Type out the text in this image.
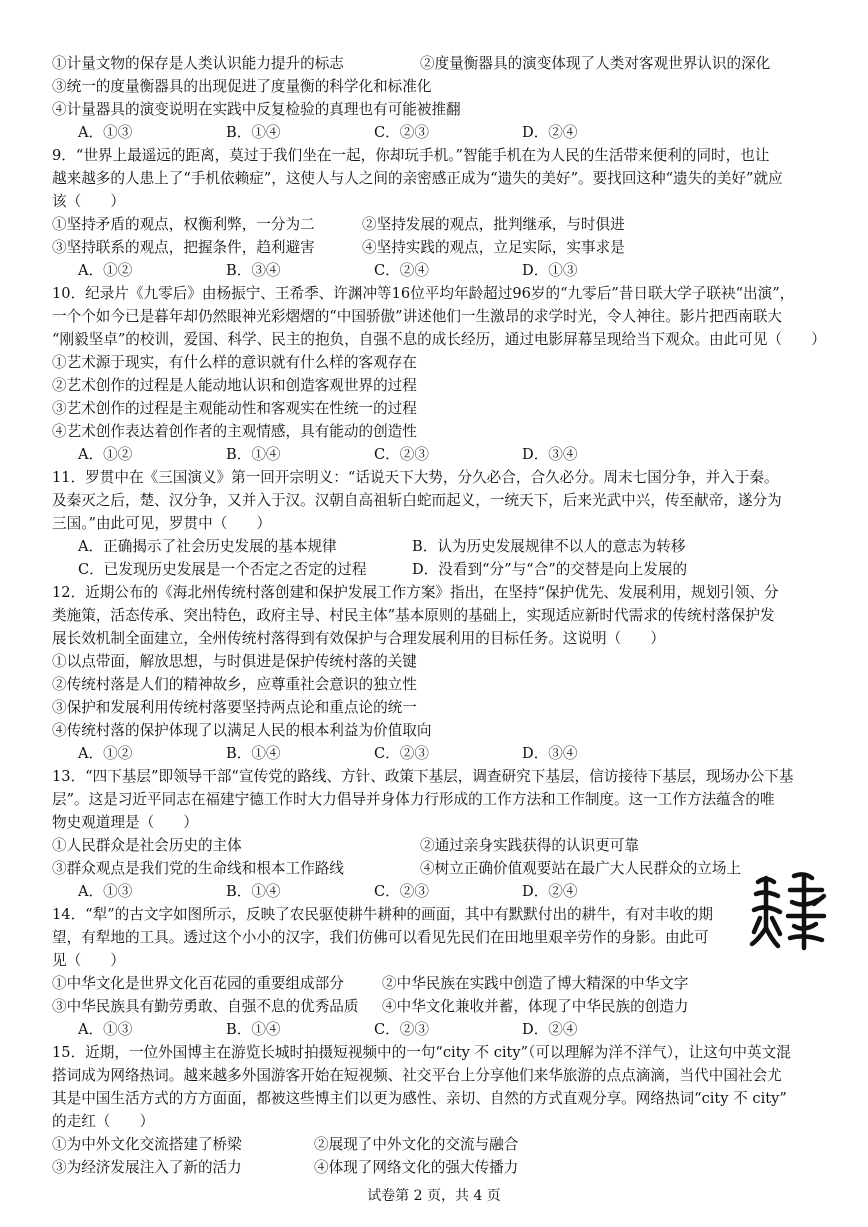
①计量文物的保存是人类认识能力提升的标志	②度量衡器具的演变体现了人类对客观世界认识的深化
③统一的度量衡器具的出现促进了度量衡的科学化和标准化
④计量器具的演变说明在实践中反复检验的真理也有可能被推翻
A．①③	B．①④	C．②③	D．②④
9．“世界上最遥远的距离，莫过于我们坐在一起，你却玩手机。”智能手机在为人民的生活带来便利的同时，也让
越来越多的人患上了“手机依赖症”，这使人与人之间的亲密感正成为“遗失的美好”。要找回这种“遗失的美好”就应
该（　　）
①坚持矛盾的观点，权衡利弊，一分为二	②坚持发展的观点，批判继承，与时俱进
③坚持联系的观点，把握条件，趋利避害	④坚持实践的观点，立足实际，实事求是
A．①②	B．③④	C．②④	D．①③
10．纪录片《九零后》由杨振宁、王希季、许渊冲等16位平均年龄超过96岁的“九零后”昔日联大学子联袂“出演”，
一个个如今已是暮年却仍然眼神光彩熠熠的“中国骄傲”讲述他们一生激昂的求学时光，令人神往。影片把西南联大
“刚毅坚卓”的校训，爱国、科学、民主的抱负，自强不息的成长经历，通过电影屏幕呈现给当下观众。由此可见（　　）
①艺术源于现实，有什么样的意识就有什么样的客观存在
②艺术创作的过程是人能动地认识和创造客观世界的过程
③艺术创作的过程是主观能动性和客观实在性统一的过程
④艺术创作表达着创作者的主观情感，具有能动的创造性
A．①②	B．①④	C．②③	D．③④
11．罗贯中在《三国演义》第一回开宗明义：“话说天下大势，分久必合，合久必分。周末七国分争，并入于秦。
及秦灭之后，楚、汉分争，又并入于汉。汉朝自高祖斩白蛇而起义，一统天下，后来光武中兴，传至献帝，遂分为
三国。”由此可见，罗贯中（　　）
A．正确揭示了社会历史发展的基本规律	B．认为历史发展规律不以人的意志为转移
C．已发现历史发展是一个否定之否定的过程	D．没看到“分”与“合”的交替是向上发展的
12．近期公布的《海北州传统村落创建和保护发展工作方案》指出，在坚持“保护优先、发展利用，规划引领、分
类施策，活态传承、突出特色，政府主导、村民主体”基本原则的基础上，实现适应新时代需求的传统村落保护发
展长效机制全面建立，全州传统村落得到有效保护与合理发展利用的目标任务。这说明（　　）
①以点带面，解放思想，与时俱进是保护传统村落的关键
②传统村落是人们的精神故乡，应尊重社会意识的独立性
③保护和发展利用传统村落要坚持两点论和重点论的统一
④传统村落的保护体现了以满足人民的根本利益为价值取向
A．①②	B．①④	C．②③	D．③④
13．“四下基层”即领导干部“宣传党的路线、方针、政策下基层，调查研究下基层，信访接待下基层，现场办公下基
层”。这是习近平同志在福建宁德工作时大力倡导并身体力行形成的工作方法和工作制度。这一工作方法蕴含的唯
物史观道理是（　　）
①人民群众是社会历史的主体	②通过亲身实践获得的认识更可靠
③群众观点是我们党的生命线和根本工作路线	④树立正确价值观要站在最广大人民群众的立场上
A．①③	B．①④	C．②③	D．②④
14．“犁”的古文字如图所示，反映了农民驱使耕牛耕种的画面，其中有默默付出的耕牛，有对丰收的期
望，有犁地的工具。透过这个小小的汉字，我们仿佛可以看见先民们在田地里艰辛劳作的身影。由此可
见（　　）
①中华文化是世界文化百花园的重要组成部分	②中华民族在实践中创造了博大精深的中华文字
③中华民族具有勤劳勇敢、自强不息的优秀品质 ④中华文化兼收并蓄，体现了中华民族的创造力
A．①③	B．①④	C．②③	D．②④
15．近期，一位外国博主在游览长城时拍摄短视频中的一句“city 不 city”（可以理解为洋不洋气），让这句中英文混
搭词成为网络热词。越来越多外国游客开始在短视频、社交平台上分享他们来华旅游的点点滴滴，当代中国社会尤
其是中国生活方式的方方面面，都被这些博主们以更为感性、亲切、自然的方式直观分享。网络热词“city 不 city”
的走红（　　）
①为中外文化交流搭建了桥梁	②展现了中外文化的交流与融合
③为经济发展注入了新的活力	④体现了网络文化的强大传播力
试卷第 2 页，共 4 页
